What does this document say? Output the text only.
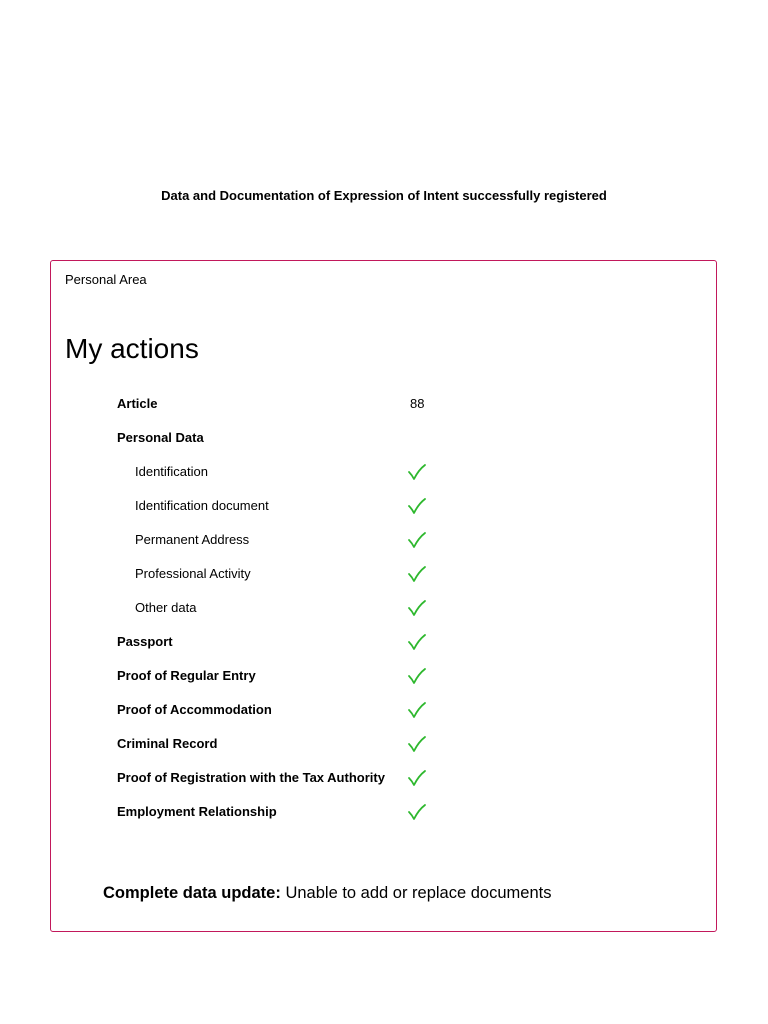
Data and Documentation of Expression of Intent successfully registered
Personal Area
My actions
Article	88
Personal Data
Identification
Identification document
Permanent Address
Professional Activity
Other data
Passport
Proof of Regular Entry
Proof of Accommodation
Criminal Record
Proof of Registration with the Tax Authority
Employment Relationship
Complete data update: Unable to add or replace documents
